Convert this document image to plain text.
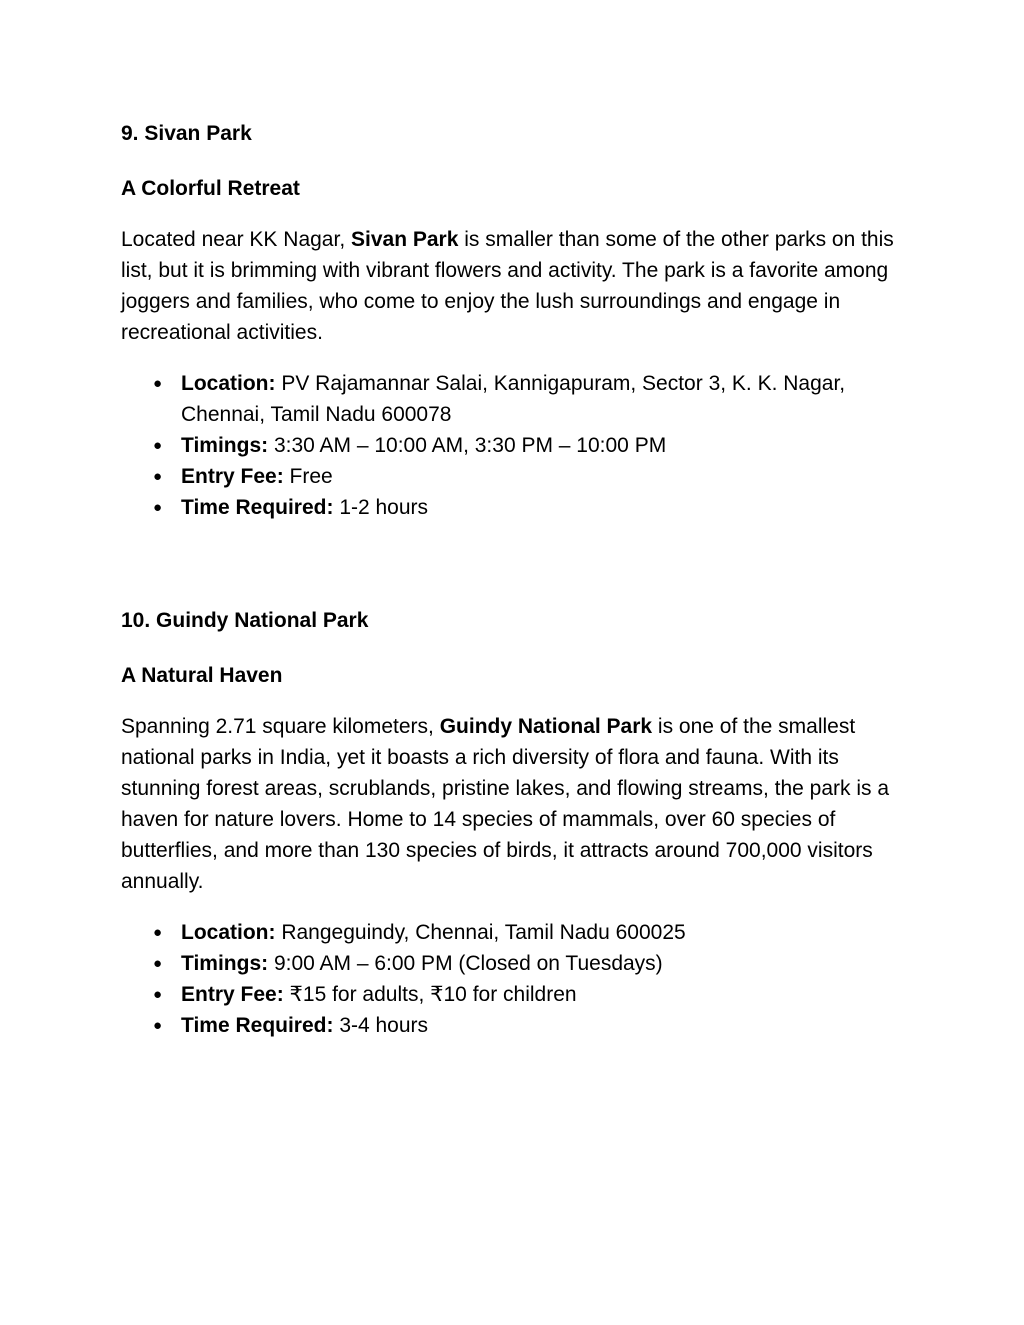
9. Sivan Park

A Colorful Retreat

Located near KK Nagar, Sivan Park is smaller than some of the other parks on this list, but it is brimming with vibrant flowers and activity. The park is a favorite among joggers and families, who come to enjoy the lush surroundings and engage in recreational activities.

● Location: PV Rajamannar Salai, Kannigapuram, Sector 3, K. K. Nagar, Chennai, Tamil Nadu 600078
● Timings: 3:30 AM – 10:00 AM, 3:30 PM – 10:00 PM
● Entry Fee: Free
● Time Required: 1-2 hours

10. Guindy National Park

A Natural Haven

Spanning 2.71 square kilometers, Guindy National Park is one of the smallest national parks in India, yet it boasts a rich diversity of flora and fauna. With its stunning forest areas, scrublands, pristine lakes, and flowing streams, the park is a haven for nature lovers. Home to 14 species of mammals, over 60 species of butterflies, and more than 130 species of birds, it attracts around 700,000 visitors annually.

● Location: Rangeguindy, Chennai, Tamil Nadu 600025
● Timings: 9:00 AM – 6:00 PM (Closed on Tuesdays)
● Entry Fee: ₹15 for adults, ₹10 for children
● Time Required: 3-4 hours
